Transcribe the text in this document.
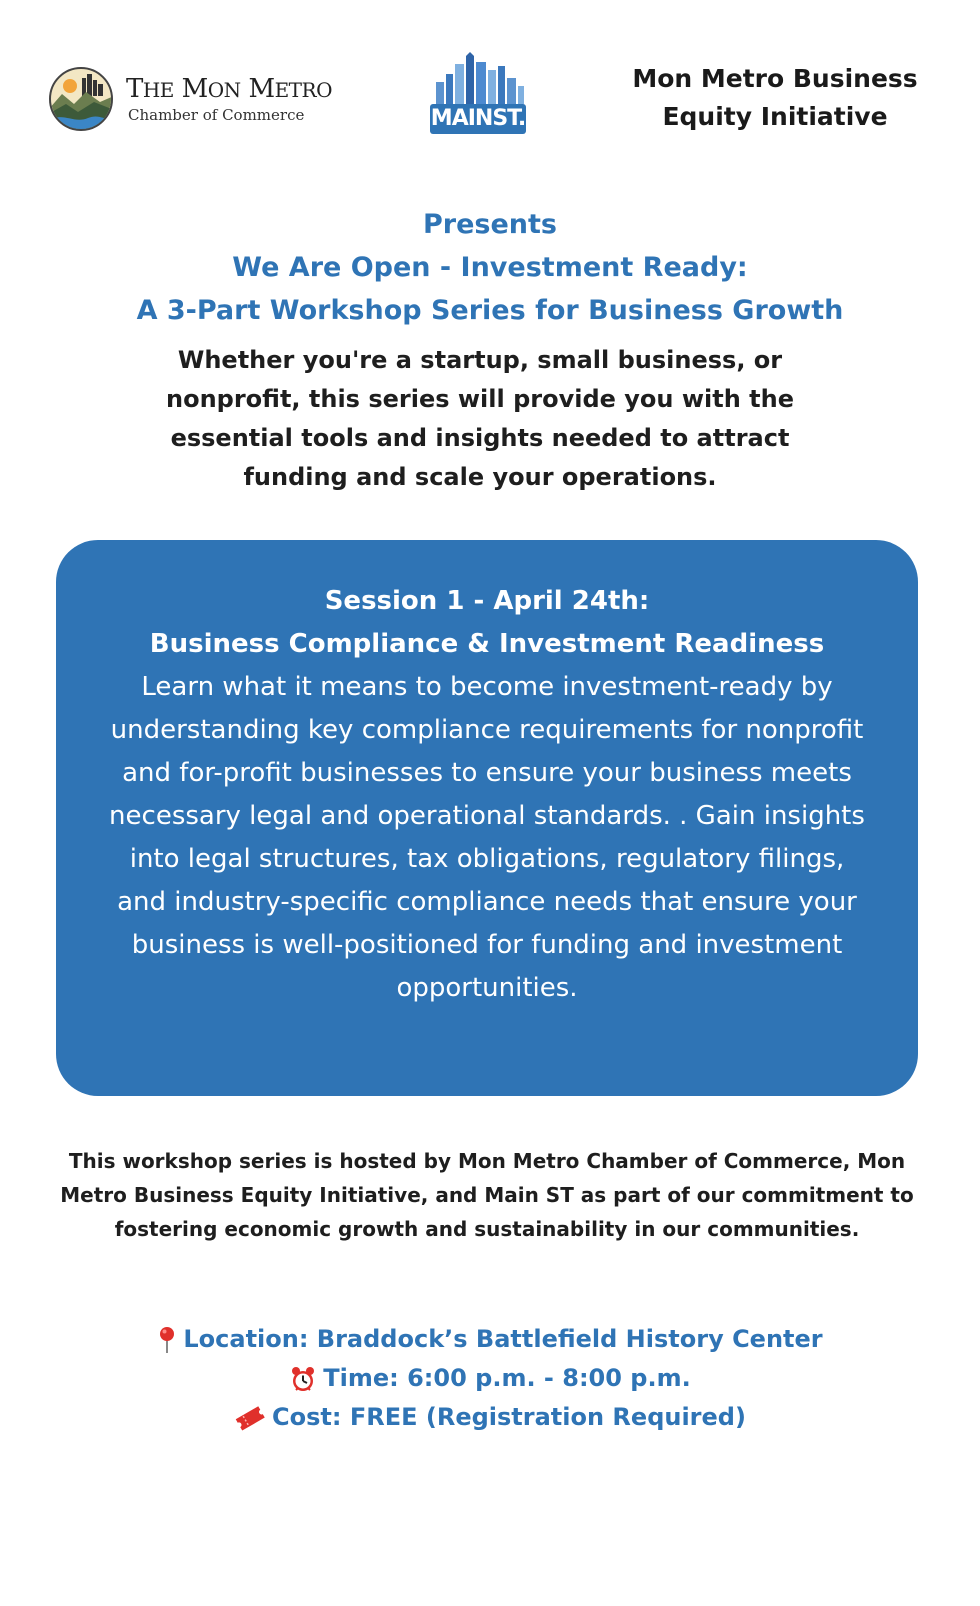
THE MON METRO
Chamber of Commerce	MAINST.
Mon Metro Business
Equity Initiative
Presents
We Are Open - Investment Ready:
A 3-Part Workshop Series for Business Growth
Whether you're a startup, small business, or nonprofit, this series will provide you with the essential tools and insights needed to attract funding and scale your operations.
Session 1 - April 24th:
Business Compliance & Investment Readiness
Learn what it means to become investment-ready by understanding key compliance requirements for nonprofit and for-profit businesses to ensure your business meets necessary legal and operational standards. . Gain insights into legal structures, tax obligations, regulatory filings, and industry-specific compliance needs that ensure your business is well-positioned for funding and investment opportunities.
This workshop series is hosted by Mon Metro Chamber of Commerce, Mon Metro Business Equity Initiative, and Main ST as part of our commitment to fostering economic growth and sustainability in our communities.
Location: Braddock’s Battlefield History Center
Time: 6:00 p.m. - 8:00 p.m.
Cost: FREE (Registration Required)
